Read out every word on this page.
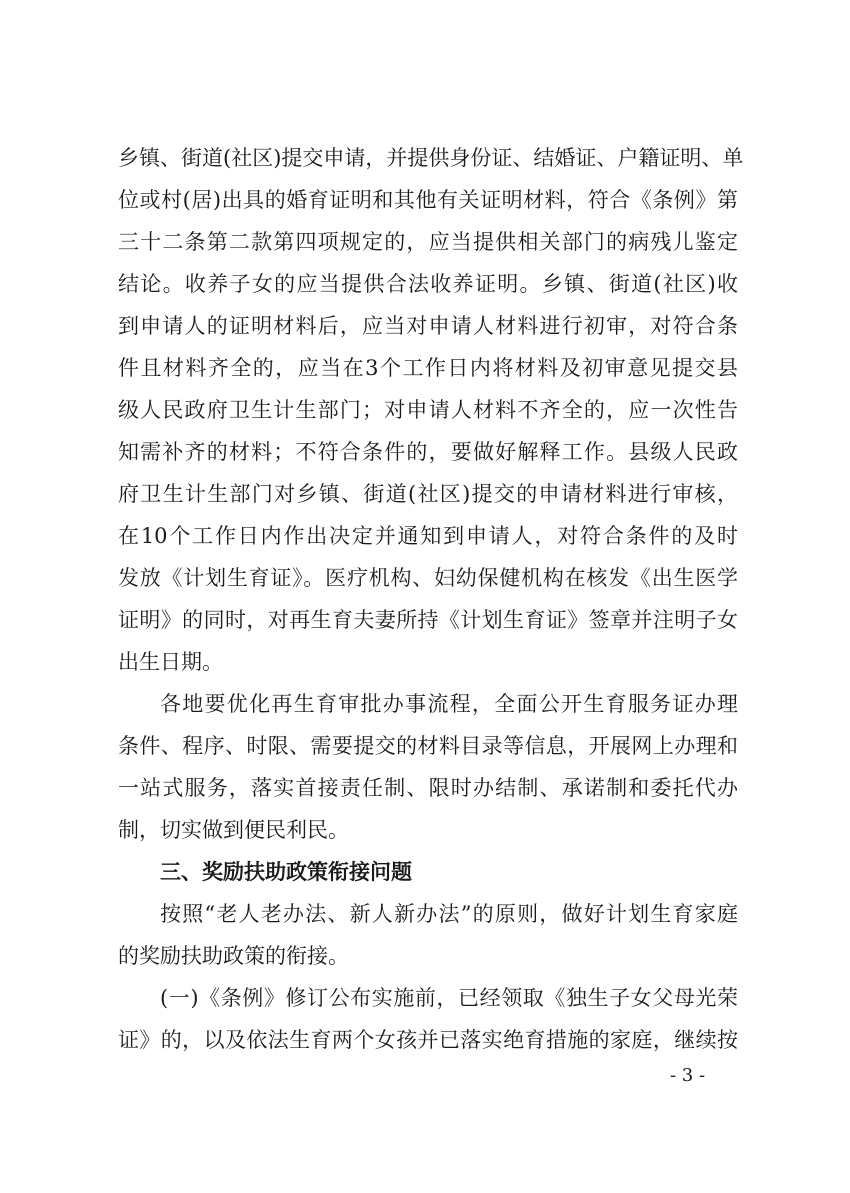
乡镇、街道(社区)提交申请，并提供身份证、结婚证、户籍证明、单
位或村(居)出具的婚育证明和其他有关证明材料，符合《条例》第
三十二条第二款第四项规定的，应当提供相关部门的病残儿鉴定
结论。收养子女的应当提供合法收养证明。乡镇、街道(社区)收
到申请人的证明材料后，应当对申请人材料进行初审，对符合条
件且材料齐全的，应当在3个工作日内将材料及初审意见提交县
级人民政府卫生计生部门；对申请人材料不齐全的，应一次性告
知需补齐的材料；不符合条件的，要做好解释工作。县级人民政
府卫生计生部门对乡镇、街道(社区)提交的申请材料进行审核，
在10个工作日内作出决定并通知到申请人，对符合条件的及时
发放《计划生育证》。医疗机构、妇幼保健机构在核发《出生医学
证明》的同时，对再生育夫妻所持《计划生育证》签章并注明子女
出生日期。
各地要优化再生育审批办事流程，全面公开生育服务证办理
条件、程序、时限、需要提交的材料目录等信息，开展网上办理和
一站式服务，落实首接责任制、限时办结制、承诺制和委托代办
制，切实做到便民利民。
三、奖励扶助政策衔接问题
按照“老人老办法、新人新办法”的原则，做好计划生育家庭
的奖励扶助政策的衔接。
(一)《条例》修订公布实施前，已经领取《独生子女父母光荣
证》的，以及依法生育两个女孩并已落实绝育措施的家庭，继续按
- 3 -
